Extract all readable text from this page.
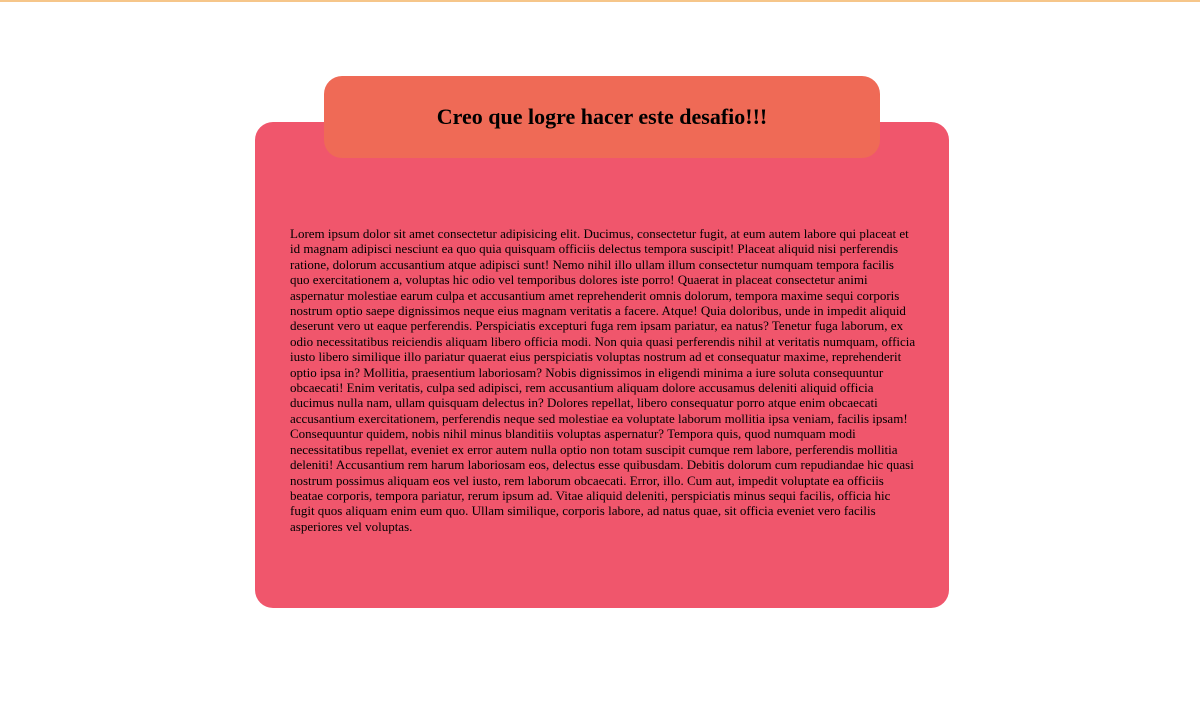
Creo que logre hacer este desafio!!!

Lorem ipsum dolor sit amet consectetur adipisicing elit. Ducimus, consectetur fugit, at eum autem labore qui placeat et id magnam adipisci nesciunt ea quo quia quisquam officiis delectus tempora suscipit! Placeat aliquid nisi perferendis ratione, dolorum accusantium atque adipisci sunt! Nemo nihil illo ullam illum consectetur numquam tempora facilis quo exercitationem a, voluptas hic odio vel temporibus dolores iste porro! Quaerat in placeat consectetur animi aspernatur molestiae earum culpa et accusantium amet reprehenderit omnis dolorum, tempora maxime sequi corporis nostrum optio saepe dignissimos neque eius magnam veritatis a facere. Atque! Quia doloribus, unde in impedit aliquid deserunt vero ut eaque perferendis. Perspiciatis excepturi fuga rem ipsam pariatur, ea natus? Tenetur fuga laborum, ex odio necessitatibus reiciendis aliquam libero officia modi. Non quia quasi perferendis nihil at veritatis numquam, officia iusto libero similique illo pariatur quaerat eius perspiciatis voluptas nostrum ad et consequatur maxime, reprehenderit optio ipsa in? Mollitia, praesentium laboriosam? Nobis dignissimos in eligendi minima a iure soluta consequuntur obcaecati! Enim veritatis, culpa sed adipisci, rem accusantium aliquam dolore accusamus deleniti aliquid officia ducimus nulla nam, ullam quisquam delectus in? Dolores repellat, libero consequatur porro atque enim obcaecati accusantium exercitationem, perferendis neque sed molestiae ea voluptate laborum mollitia ipsa veniam, facilis ipsam! Consequuntur quidem, nobis nihil minus blanditiis voluptas aspernatur? Tempora quis, quod numquam modi necessitatibus repellat, eveniet ex error autem nulla optio non totam suscipit cumque rem labore, perferendis mollitia deleniti! Accusantium rem harum laboriosam eos, delectus esse quibusdam. Debitis dolorum cum repudiandae hic quasi nostrum possimus aliquam eos vel iusto, rem laborum obcaecati. Error, illo. Cum aut, impedit voluptate ea officiis beatae corporis, tempora pariatur, rerum ipsum ad. Vitae aliquid deleniti, perspiciatis minus sequi facilis, officia hic fugit quos aliquam enim eum quo. Ullam similique, corporis labore, ad natus quae, sit officia eveniet vero facilis asperiores vel voluptas.
